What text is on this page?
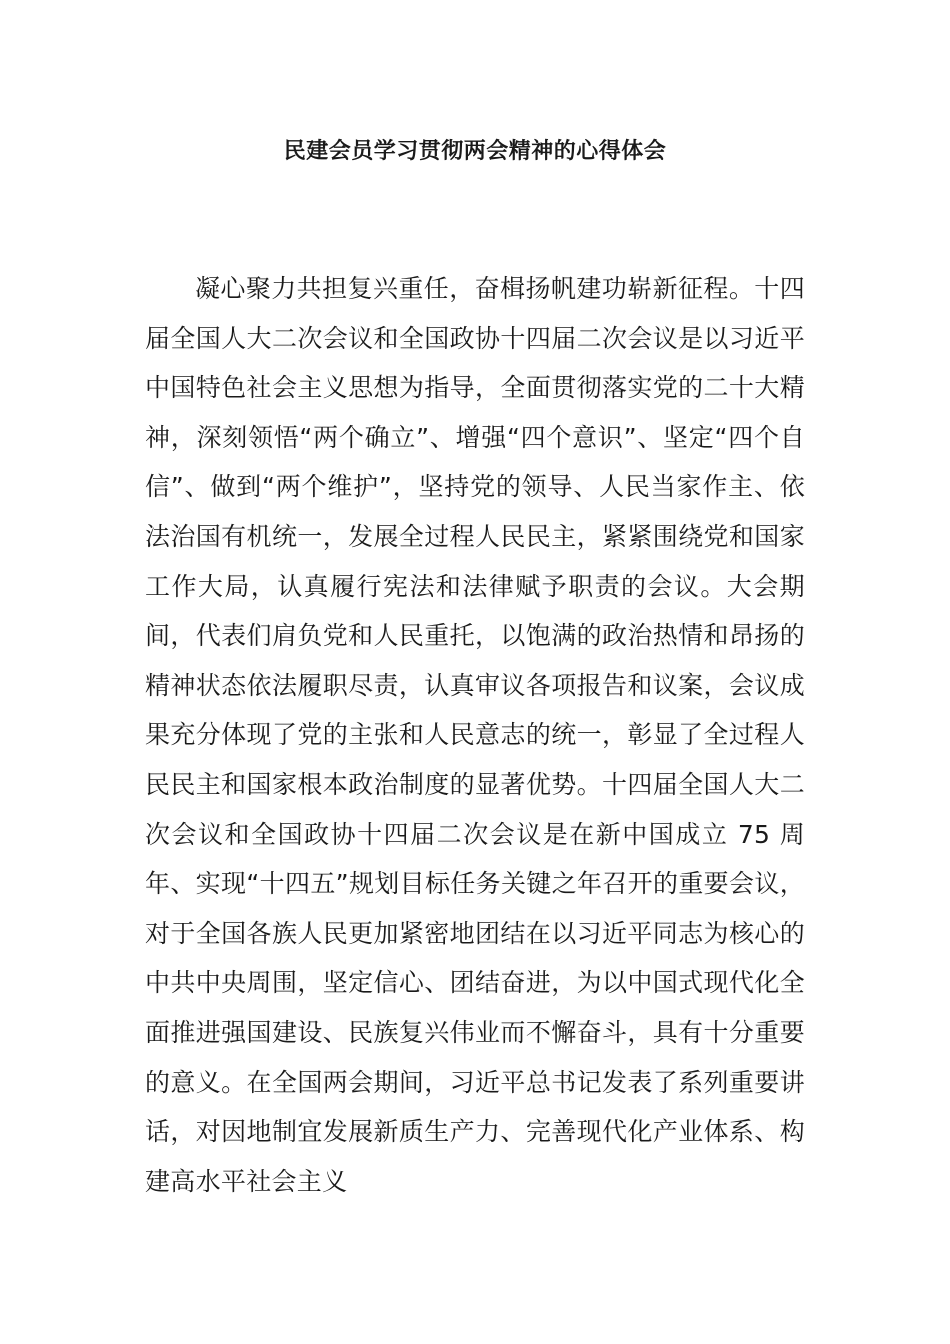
民建会员学习贯彻两会精神的心得体会

凝心聚力共担复兴重任，奋楫扬帆建功崭新征程。十四届全国人大二次会议和全国政协十四届二次会议是以习近平中国特色社会主义思想为指导，全面贯彻落实党的二十大精神，深刻领悟“两个确立”、增强“四个意识”、坚定“四个自信”、做到“两个维护”，坚持党的领导、人民当家作主、依法治国有机统一，发展全过程人民民主，紧紧围绕党和国家工作大局，认真履行宪法和法律赋予职责的会议。大会期间，代表们肩负党和人民重托，以饱满的政治热情和昂扬的精神状态依法履职尽责，认真审议各项报告和议案，会议成果充分体现了党的主张和人民意志的统一，彰显了全过程人民民主和国家根本政治制度的显著优势。十四届全国人大二次会议和全国政协十四届二次会议是在新中国成立 75 周年、实现“十四五”规划目标任务关键之年召开的重要会议，对于全国各族人民更加紧密地团结在以习近平同志为核心的中共中央周围，坚定信心、团结奋进，为以中国式现代化全面推进强国建设、民族复兴伟业而不懈奋斗，具有十分重要的意义。在全国两会期间，习近平总书记发表了系列重要讲话，对因地制宜发展新质生产力、完善现代化产业体系、构建高水平社会主义
